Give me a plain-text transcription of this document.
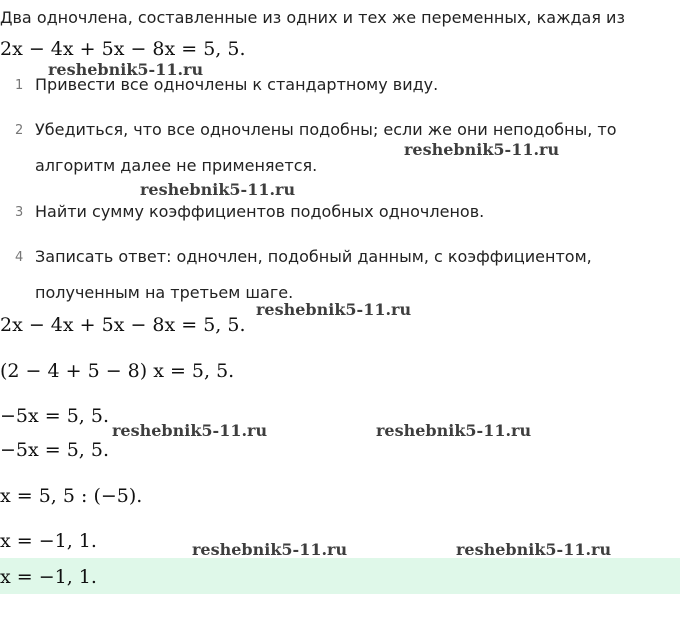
Два одночлена, составленные из одних и тех же переменных, каждая из
2x − 4x + 5x − 8x = 5, 5.
1 Привести все одночлены к стандартному виду.
2 Убедиться, что все одночлены подобны; если же они неподобны, то
алгоритм далее не применяется.
3 Найти сумму коэффициентов подобных одночленов.
4 Записать ответ: одночлен, подобный данным, с коэффициентом,
полученным на третьем шаге.
2x − 4x + 5x − 8x = 5, 5.
(2 − 4 + 5 − 8) x = 5, 5.
−5x = 5, 5.
−5x = 5, 5.
x = 5, 5 : (−5).
x = −1, 1.
x = −1, 1.
reshebnik5-11.ru
reshebnik5-11.ru
reshebnik5-11.ru
reshebnik5-11.ru
reshebnik5-11.ru	reshebnik5-11.ru
reshebnik5-11.ru	reshebnik5-11.ru
